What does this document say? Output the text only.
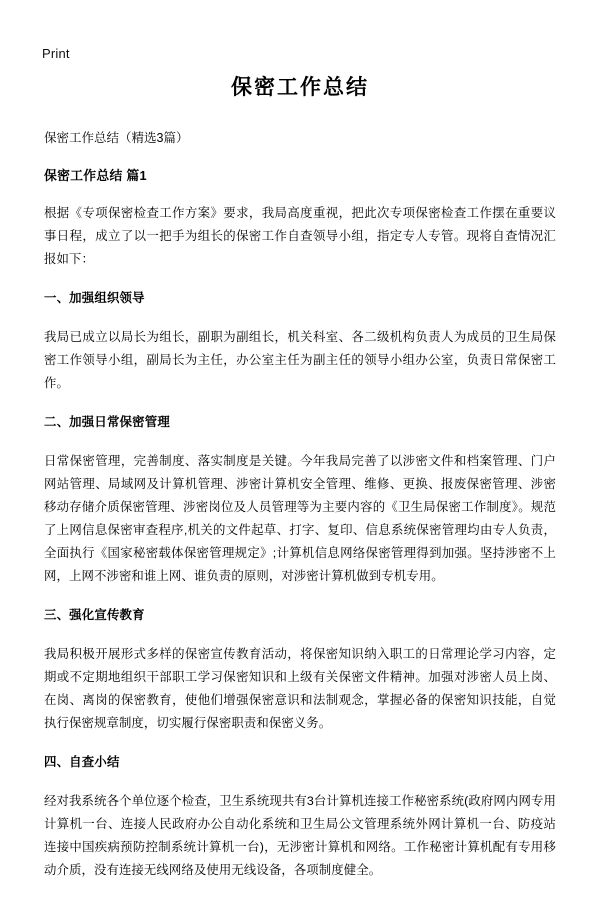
Print
保密工作总结

保密工作总结（精选3篇）

保密工作总结 篇1

根据《专项保密检查工作方案》要求，我局高度重视，把此次专项保密检查工作摆在重要议事日程，成立了以一把手为组长的保密工作自查领导小组，指定专人专管。现将自查情况汇报如下：

一、加强组织领导

我局已成立以局长为组长，副职为副组长，机关科室、各二级机构负责人为成员的卫生局保密工作领导小组，副局长为主任，办公室主任为副主任的领导小组办公室，负责日常保密工作。

二、加强日常保密管理

日常保密管理，完善制度、落实制度是关键。今年我局完善了以涉密文件和档案管理、门户网站管理、局域网及计算机管理、涉密计算机安全管理、维修、更换、报废保密管理、涉密移动存储介质保密管理、涉密岗位及人员管理等为主要内容的《卫生局保密工作制度》。规范了上网信息保密审查程序,机关的文件起草、打字、复印、信息系统保密管理均由专人负责，全面执行《国家秘密载体保密管理规定》;计算机信息网络保密管理得到加强。坚持涉密不上网，上网不涉密和谁上网、谁负责的原则，对涉密计算机做到专机专用。

三、强化宣传教育

我局积极开展形式多样的保密宣传教育活动，将保密知识纳入职工的日常理论学习内容，定期或不定期地组织干部职工学习保密知识和上级有关保密文件精神。加强对涉密人员上岗、在岗、离岗的保密教育，使他们增强保密意识和法制观念，掌握必备的保密知识技能，自觉执行保密规章制度，切实履行保密职责和保密义务。

四、自查小结

经对我系统各个单位逐个检查，卫生系统现共有3台计算机连接工作秘密系统(政府网内网专用计算机一台、连接人民政府办公自动化系统和卫生局公文管理系统外网计算机一台、防疫站连接中国疾病预防控制系统计算机一台)，无涉密计算机和网络。工作秘密计算机配有专用移动介质，没有连接无线网络及使用无线设备，各项制度健全。
